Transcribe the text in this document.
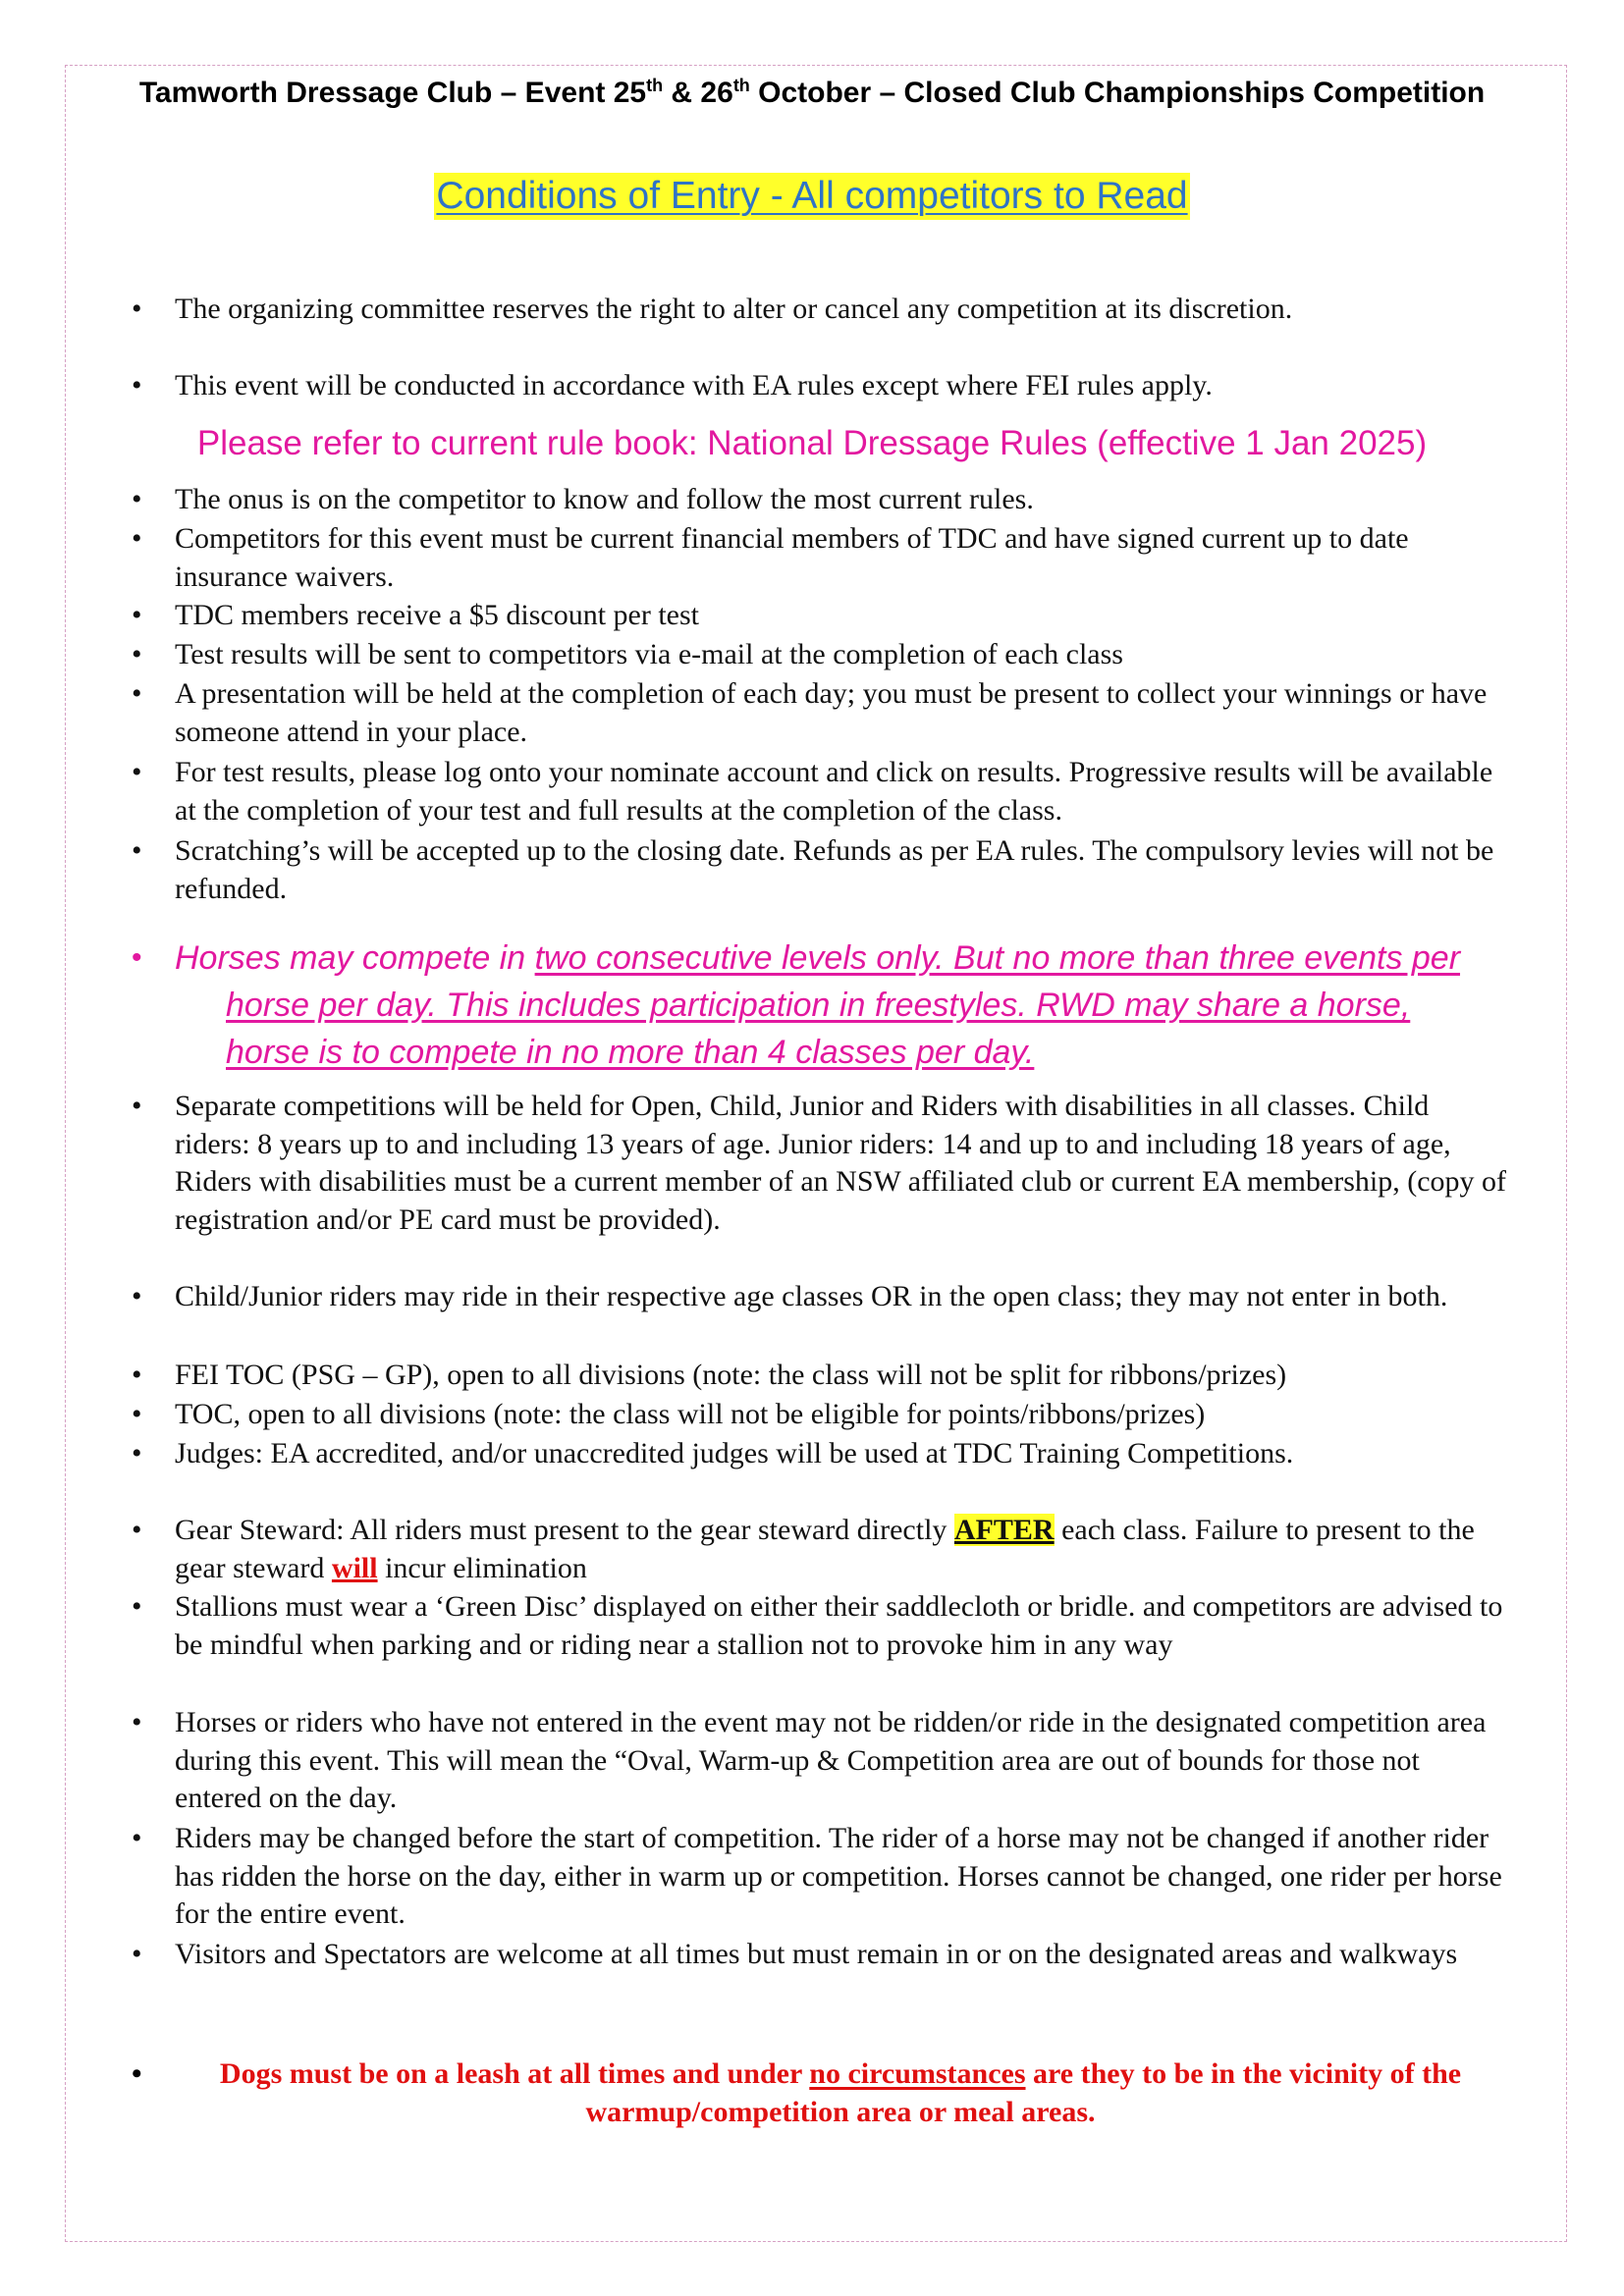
Tamworth Dressage Club – Event 25th & 26th October – Closed Club Championships Competition
Conditions of Entry - All competitors to Read
• The organizing committee reserves the right to alter or cancel any competition at its discretion.
• This event will be conducted in accordance with EA rules except where FEI rules apply.
• The onus is on the competitor to know and follow the most current rules.
• Competitors for this event must be current financial members of TDC and have signed current up to date insurance waivers.
• TDC members receive a $5 discount per test
• Test results will be sent to competitors via e-mail at the completion of each class
• A presentation will be held at the completion of each day; you must be present to collect your winnings or have someone attend in your place.
• For test results, please log onto your nominate account and click on results. Progressive results will be available at the completion of your test and full results at the completion of the class.
• Scratching’s will be accepted up to the closing date. Refunds as per EA rules. The compulsory levies will not be refunded.
• Horses may compete in two consecutive levels only. But no more than three events per horse per day. This includes participation in freestyles. RWD may share a horse, horse is to compete in no more than 4 classes per day.
• Separate competitions will be held for Open, Child, Junior and Riders with disabilities in all classes. Child riders: 8 years up to and including 13 years of age. Junior riders: 14 and up to and including 18 years of age, Riders with disabilities must be a current member of an NSW affiliated club or current EA membership, (copy of registration and/or PE card must be provided).
• Child/Junior riders may ride in their respective age classes OR in the open class; they may not enter in both.
• FEI TOC (PSG – GP), open to all divisions (note: the class will not be split for ribbons/prizes)
• TOC, open to all divisions (note: the class will not be eligible for points/ribbons/prizes)
• Judges: EA accredited, and/or unaccredited judges will be used at TDC Training Competitions.
• Gear Steward: All riders must present to the gear steward directly AFTER each class. Failure to present to the gear steward will incur elimination
• Stallions must wear a ‘Green Disc’ displayed on either their saddlecloth or bridle. and competitors are advised to be mindful when parking and or riding near a stallion not to provoke him in any way
• Horses or riders who have not entered in the event may not be ridden/or ride in the designated competition area during this event. This will mean the “Oval, Warm-up & Competition area are out of bounds for those not entered on the day.
• Riders may be changed before the start of competition. The rider of a horse may not be changed if another rider has ridden the horse on the day, either in warm up or competition. Horses cannot be changed, one rider per horse for the entire event.
• Visitors and Spectators are welcome at all times but must remain in or on the designated areas and walkways
• Dogs must be on a leash at all times and under no circumstances are they to be in the vicinity of the warmup/competition area or meal areas.
Please refer to current rule book: National Dressage Rules (effective 1 Jan 2025)
